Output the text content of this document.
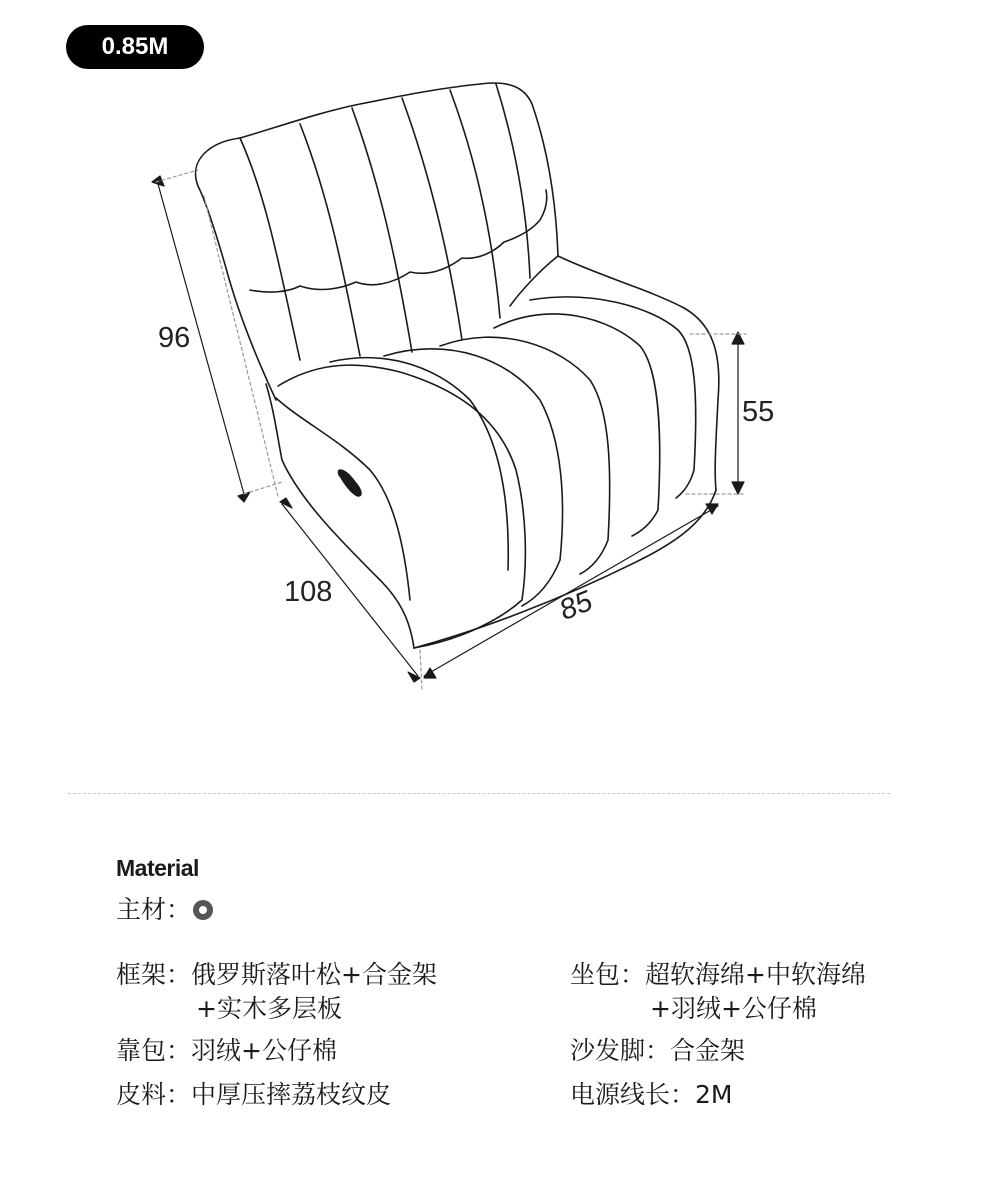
0.85M
96
55
108	85
Material
主材：
框架：俄罗斯落叶松+合金架
+实木多层板
靠包：羽绒+公仔棉
皮料：中厚压摔荔枝纹皮
坐包：超软海绵+中软海绵
+羽绒+公仔棉
沙发脚：合金架
电源线长：2M
